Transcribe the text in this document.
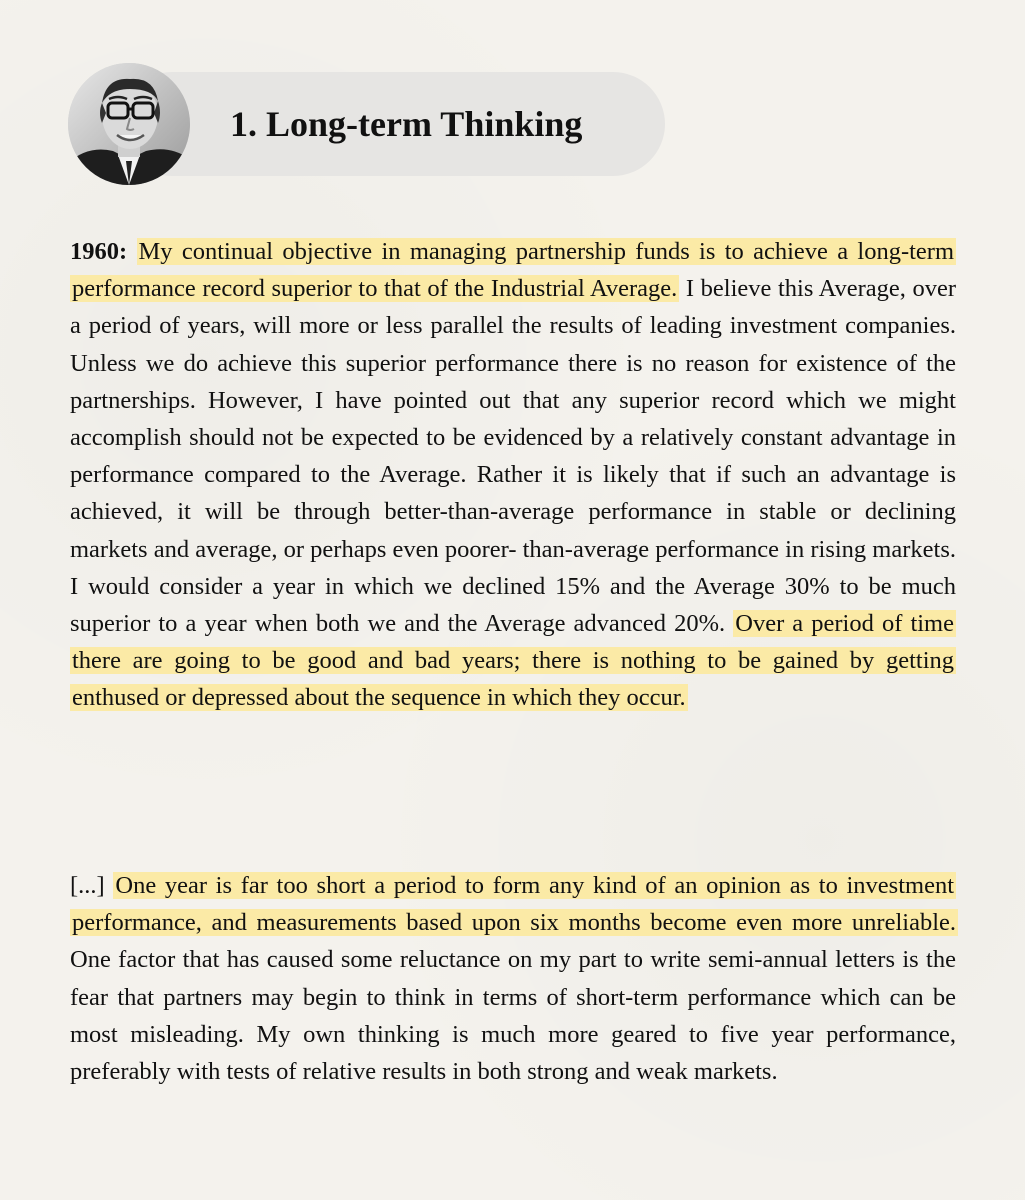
1. Long-term Thinking

1960: My continual objective in managing partnership funds is to achieve a long-term performance record superior to that of the Industrial Average. I believe this Average, over a period of years, will more or less parallel the results of leading investment companies. Unless we do achieve this superior performance there is no reason for existence of the partnerships. However, I have pointed out that any superior record which we might accomplish should not be expected to be evidenced by a relatively constant advantage in performance compared to the Average. Rather it is likely that if such an advantage is achieved, it will be through better-than-average performance in stable or declining markets and average, or perhaps even poorer- than-average performance in rising markets. I would consider a year in which we declined 15% and the Average 30% to be much superior to a year when both we and the Average advanced 20%. Over a period of time there are going to be good and bad years; there is nothing to be gained by getting enthused or depressed about the sequence in which they occur.

[...] One year is far too short a period to form any kind of an opinion as to investment performance, and measurements based upon six months become even more unreliable. One factor that has caused some reluctance on my part to write semi-annual letters is the fear that partners may begin to think in terms of short-term performance which can be most misleading. My own thinking is much more geared to five year performance, preferably with tests of relative results in both strong and weak markets.
